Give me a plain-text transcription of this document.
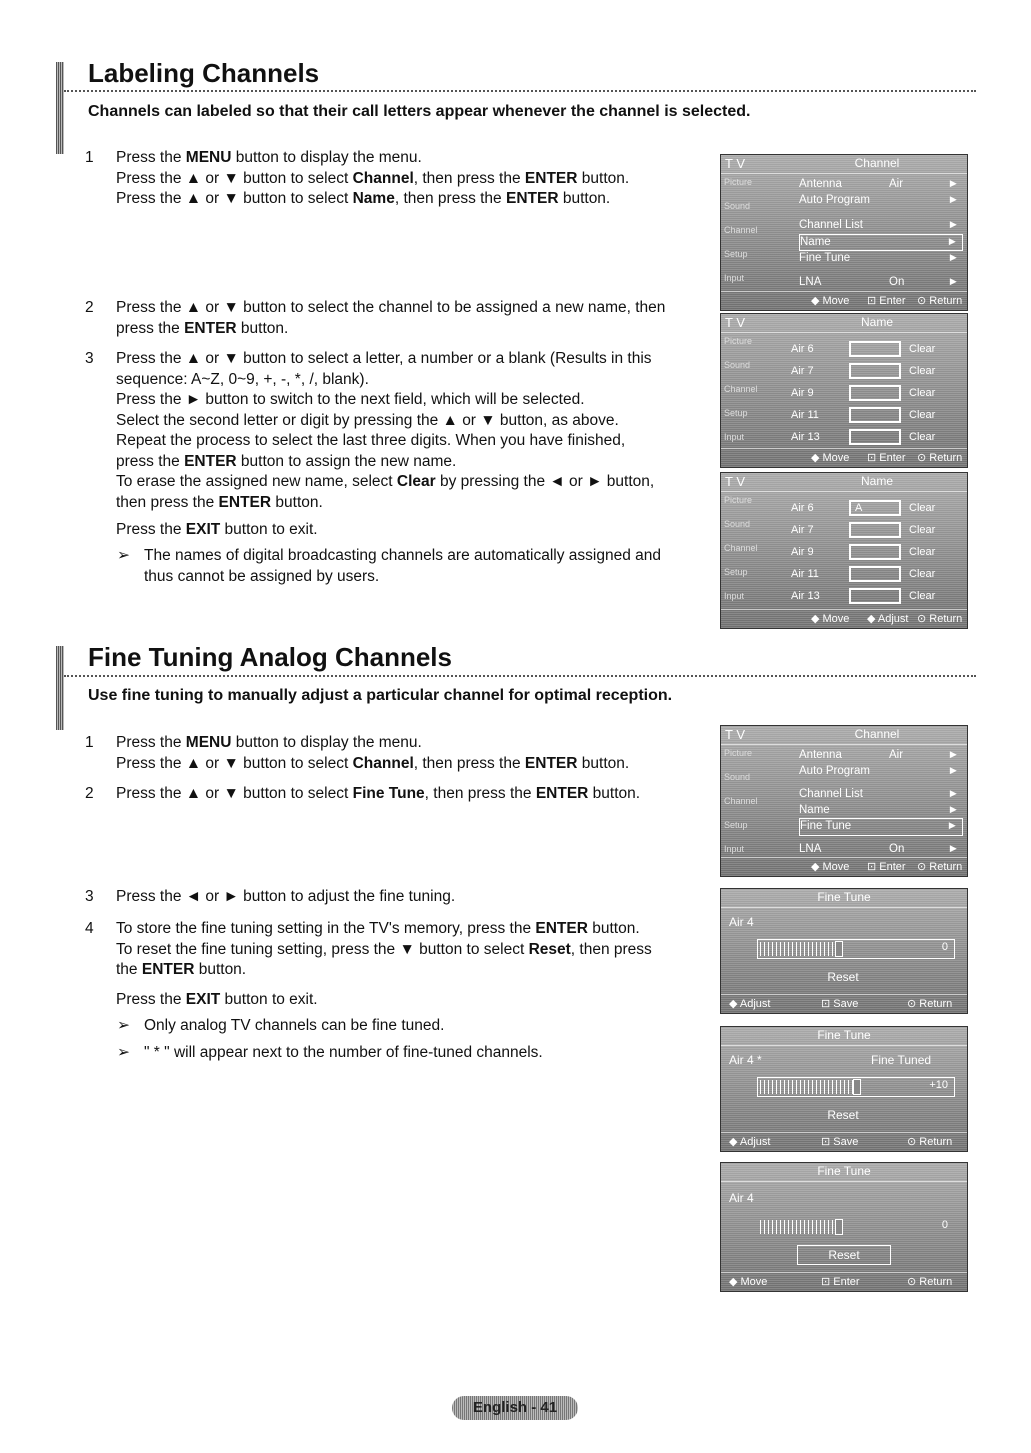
Labeling Channels
Channels can labeled so that their call letters appear whenever the channel is selected.
1	Press the MENU button to display the menu.
Press the ▲ or ▼ button to select Channel, then press the ENTER button.
Press the ▲ or ▼ button to select Name, then press the ENTER button.
2	Press the ▲ or ▼ button to select the channel to be assigned a new name, then
press the ENTER button.
3	Press the ▲ or ▼ button to select a letter, a number or a blank (Results in this
sequence: A~Z, 0~9, +, -, *, /, blank).
Press the ► button to switch to the next field, which will be selected.
Select the second letter or digit by pressing the ▲ or ▼ button, as above.
Repeat the process to select the last three digits. When you have finished,
press the ENTER button to assign the new name.
To erase the assigned new name, select Clear by pressing the ◄ or ► button,
then press the ENTER button.
Press the EXIT button to exit.
➢ The names of digital broadcasting channels are automatically assigned and
thus cannot be assigned by users.
Fine Tuning Analog Channels
Use fine tuning to manually adjust a particular channel for optimal reception.
1	Press the MENU button to display the menu.
Press the ▲ or ▼ button to select Channel, then press the ENTER button.
2	Press the ▲ or ▼ button to select Fine Tune, then press the ENTER button.
3	Press the ◄ or ► button to adjust the fine tuning.
4	To store the fine tuning setting in the TV's memory, press the ENTER button.
To reset the fine tuning setting, press the ▼ button to select Reset, then press
the ENTER button.
Press the EXIT button to exit.
➢ Only analog TV channels can be fine tuned.
➢ " * " will appear next to the number of fine-tuned channels.
T V	Channel
Picture
Sound
Channel
Setup
Input
Antenna	Air	►
Auto Program	►
Channel List	►
Name	►
Fine Tune	►
LNA	On	►
◆ Move ⊡ Enter ⊙ Return
T V	Name
Picture
Sound
Channel
Setup
Input
Air 6	Clear
Air 7	Clear
Air 9	Clear
Air 11	Clear
Air 13	Clear
◆ Move ⊡ Enter ⊙ Return
T V	Name
Picture
Sound
Channel
Setup
Input
Air 6	A	Clear
Air 7	Clear
Air 9	Clear
Air 11	Clear
Air 13	Clear
◆ Move ◆ Adjust ⊙ Return
T V	Channel
Picture
Sound
Channel
Setup
Input
Antenna	Air	►
Auto Program	►
Channel List	►
Name	►
Fine Tune	►
LNA	On	►
◆ Move ⊡ Enter ⊙ Return
Fine Tune
Air 4
0
Reset
◆ Adjust	⊡ Save	⊙ Return
Fine Tune
Air 4 *	Fine Tuned
+10
Reset
◆ Adjust	⊡ Save	⊙ Return
Fine Tune
Air 4
0
Reset
◆ Move	⊡ Enter	⊙ Return
English - 41
